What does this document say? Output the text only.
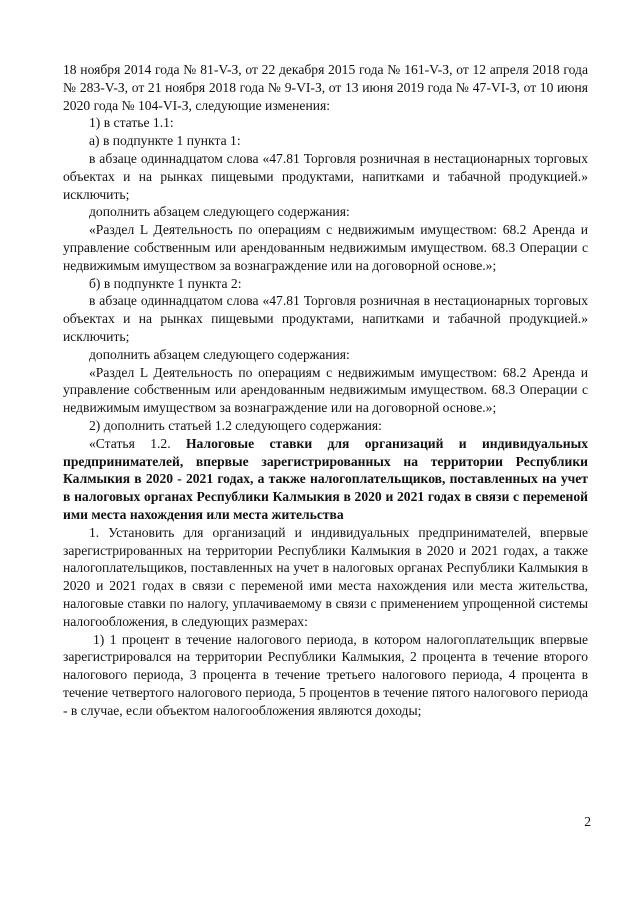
18 ноября 2014 года № 81-V-З, от 22 декабря 2015 года № 161-V-З, от 12 апреля 2018 года № 283-V-З, от 21 ноября 2018 года № 9-VI-З, от 13 июня 2019 года № 47-VI-З, от 10 июня 2020 года № 104-VI-З, следующие изменения:

1) в статье 1.1:

а) в подпункте 1 пункта 1:

в абзаце одиннадцатом слова «47.81 Торговля розничная в нестационарных торговых объектах и на рынках пищевыми продуктами, напитками и табачной продукцией.» исключить;

дополнить абзацем следующего содержания:

«Раздел L Деятельность по операциям с недвижимым имуществом: 68.2 Аренда и управление собственным или арендованным недвижимым имуществом. 68.3 Операции с недвижимым имуществом за вознаграждение или на договорной основе.»;

б) в подпункте 1 пункта 2:

в абзаце одиннадцатом слова «47.81 Торговля розничная в нестационарных торговых объектах и на рынках пищевыми продуктами, напитками и табачной продукцией.» исключить;

дополнить абзацем следующего содержания:

«Раздел L Деятельность по операциям с недвижимым имуществом: 68.2 Аренда и управление собственным или арендованным недвижимым имуществом. 68.3 Операции с недвижимым имуществом за вознаграждение или на договорной основе.»;

2) дополнить статьей 1.2 следующего содержания:

«Статья 1.2. Налоговые ставки для организаций и индивидуальных предпринимателей, впервые зарегистрированных на территории Республики Калмыкия в 2020 - 2021 годах, а также налогоплательщиков, поставленных на учет в налоговых органах Республики Калмыкия в 2020 и 2021 годах в связи с переменой ими места нахождения или места жительства

1. Установить для организаций и индивидуальных предпринимателей, впервые зарегистрированных на территории Республики Калмыкия в 2020 и 2021 годах, а также налогоплательщиков, поставленных на учет в налоговых органах Республики Калмыкия в 2020 и 2021 годах в связи с переменой ими места нахождения или места жительства, налоговые ставки по налогу, уплачиваемому в связи с применением упрощенной системы налогообложения, в следующих размерах:

1) 1 процент в течение налогового периода, в котором налогоплательщик впервые зарегистрировался на территории Республики Калмыкия, 2 процента в течение второго налогового периода, 3 процента в течение третьего налогового периода, 4 процента в течение четвертого налогового периода, 5 процентов в течение пятого налогового периода - в случае, если объектом налогообложения являются доходы;

2
